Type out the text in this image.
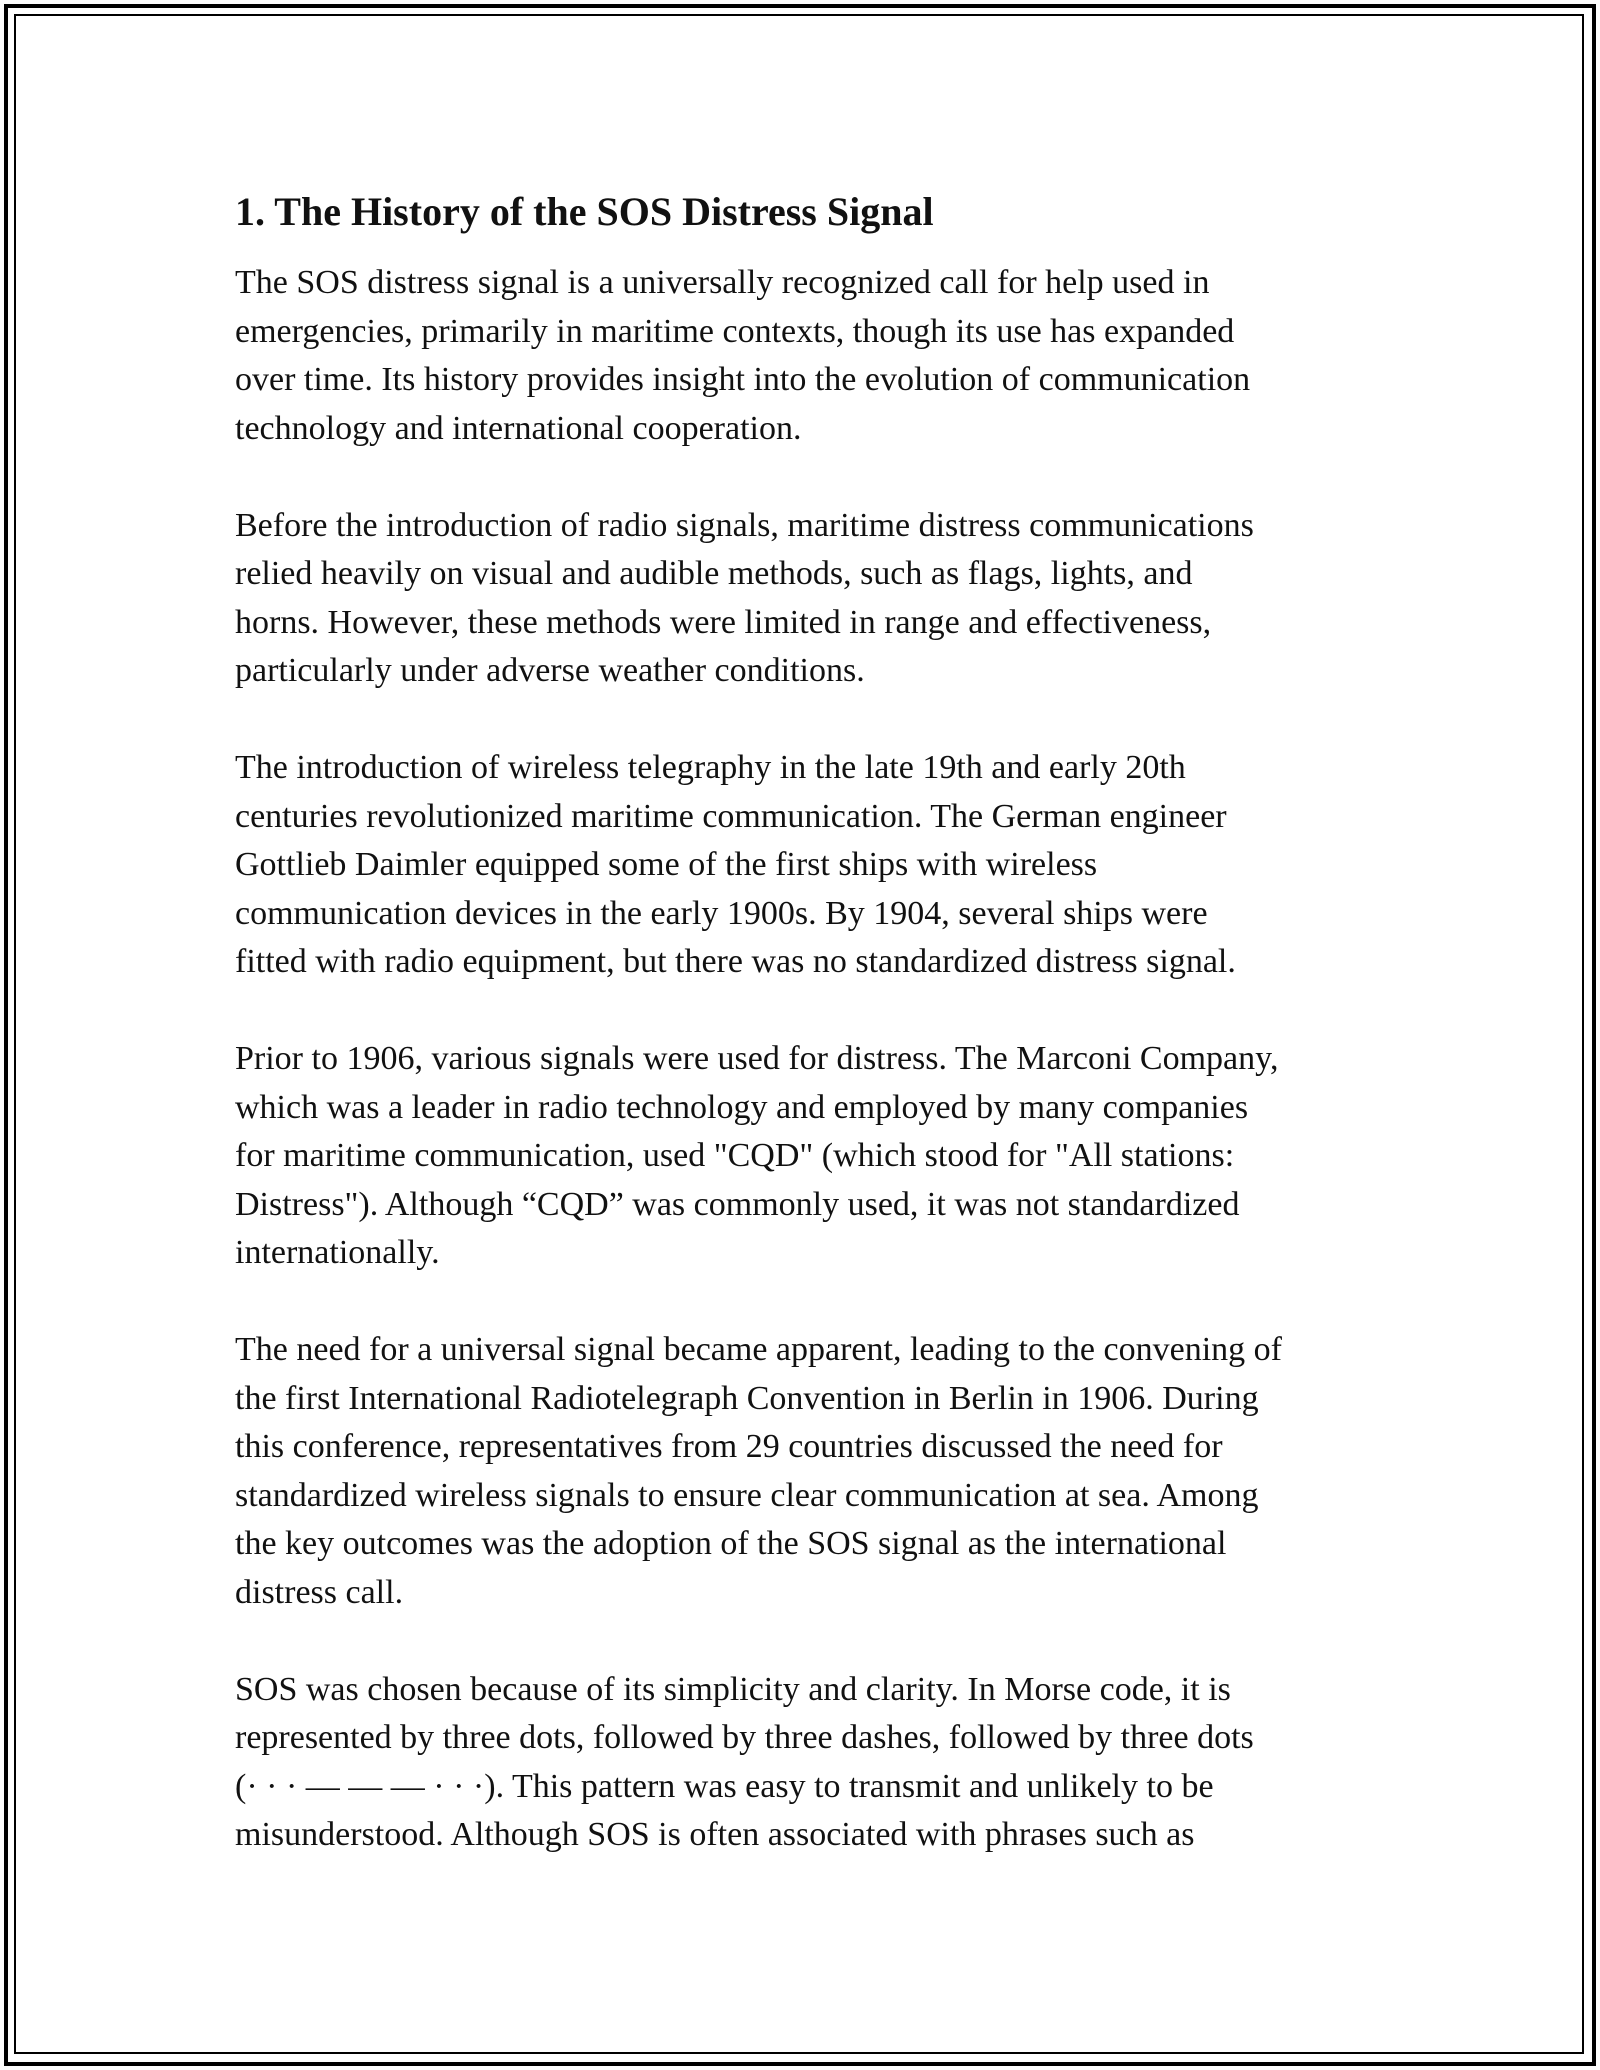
1. The History of the SOS Distress Signal

The SOS distress signal is a universally recognized call for help used in
emergencies, primarily in maritime contexts, though its use has expanded
over time. Its history provides insight into the evolution of communication
technology and international cooperation.

Before the introduction of radio signals, maritime distress communications
relied heavily on visual and audible methods, such as flags, lights, and
horns. However, these methods were limited in range and effectiveness,
particularly under adverse weather conditions.

The introduction of wireless telegraphy in the late 19th and early 20th
centuries revolutionized maritime communication. The German engineer
Gottlieb Daimler equipped some of the first ships with wireless
communication devices in the early 1900s. By 1904, several ships were
fitted with radio equipment, but there was no standardized distress signal.

Prior to 1906, various signals were used for distress. The Marconi Company,
which was a leader in radio technology and employed by many companies
for maritime communication, used "CQD" (which stood for "All stations:
Distress"). Although “CQD” was commonly used, it was not standardized
internationally.

The need for a universal signal became apparent, leading to the convening of
the first International Radiotelegraph Convention in Berlin in 1906. During
this conference, representatives from 29 countries discussed the need for
standardized wireless signals to ensure clear communication at sea. Among
the key outcomes was the adoption of the SOS signal as the international
distress call.

SOS was chosen because of its simplicity and clarity. In Morse code, it is
represented by three dots, followed by three dashes, followed by three dots
(· · · — — — · · ·). This pattern was easy to transmit and unlikely to be
misunderstood. Although SOS is often associated with phrases such as
